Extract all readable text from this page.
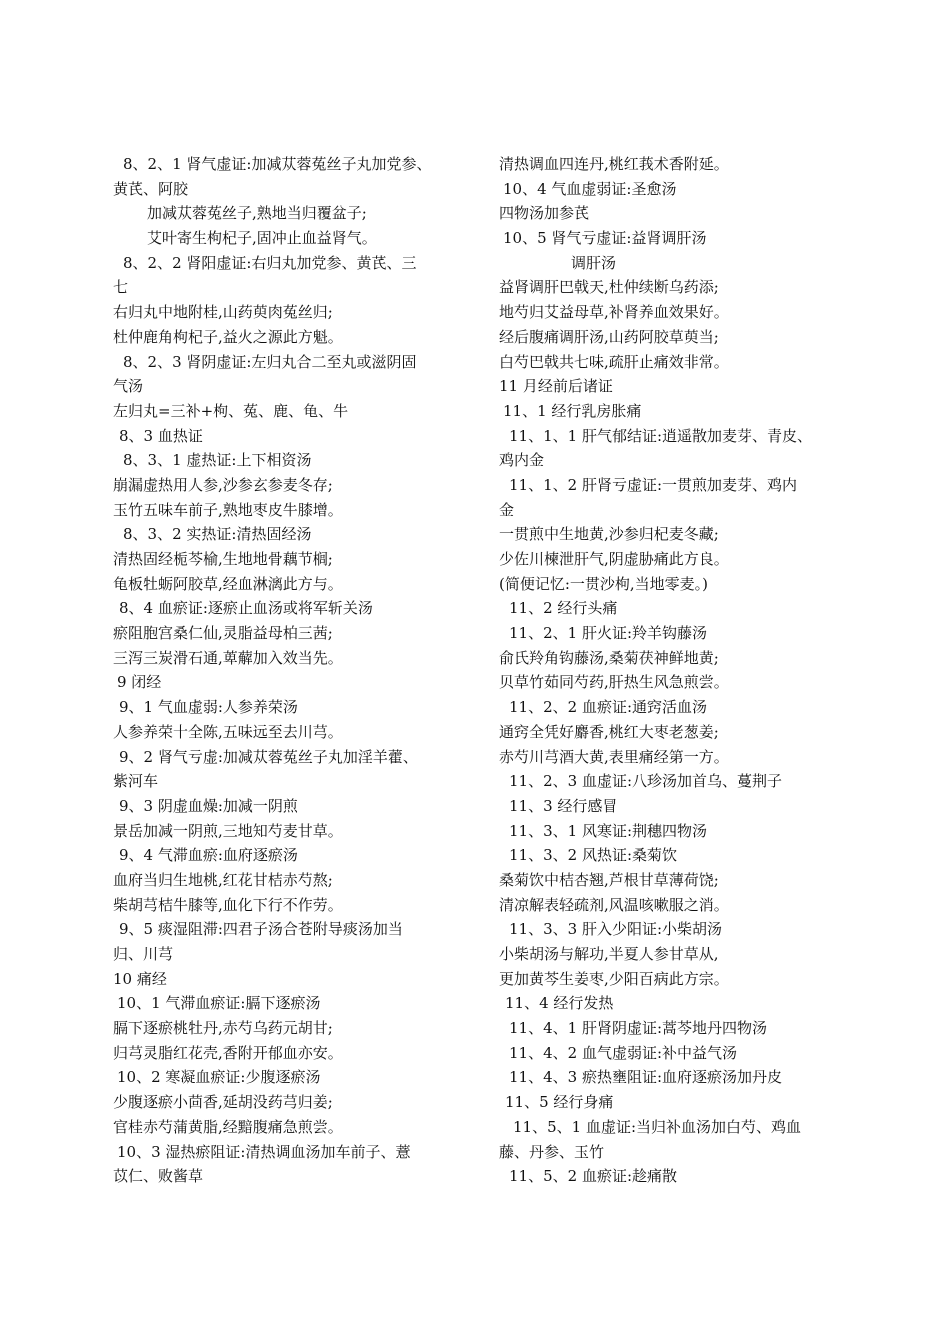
8、2、1 肾气虚证:加减苁蓉菟丝子丸加党参、
黄芪、阿胶
加减苁蓉菟丝子,熟地当归覆盆子;
艾叶寄生枸杞子,固冲止血益肾气。
8、2、2 肾阳虚证:右归丸加党参、黄芪、三
七
右归丸中地附桂,山药萸肉菟丝归;
杜仲鹿角枸杞子,益火之源此方魁。
8、2、3 肾阴虚证:左归丸合二至丸或滋阴固
气汤
左归丸=三补+枸、菟、鹿、龟、牛
8、3 血热证
8、3、1 虚热证:上下相资汤
崩漏虚热用人参,沙参玄参麦冬存;
玉竹五味车前子,熟地枣皮牛膝增。
8、3、2 实热证:清热固经汤
清热固经栀芩榆,生地地骨藕节榈;
龟板牡蛎阿胶草,经血淋漓此方与。
8、4 血瘀证:逐瘀止血汤或将军斩关汤
瘀阻胞宫桑仁仙,灵脂益母柏三茜;
三泻三炭滑石通,萆薢加入效当先。
9 闭经
9、1 气血虚弱:人参养荣汤
人参养荣十全陈,五味远至去川芎。
9、2 肾气亏虚:加减苁蓉菟丝子丸加淫羊藿、
紫河车
9、3 阴虚血燥:加减一阴煎
景岳加减一阴煎,三地知芍麦甘草。
9、4 气滞血瘀:血府逐瘀汤
血府当归生地桃,红花甘桔赤芍熬;
柴胡芎桔牛膝等,血化下行不作劳。
9、5 痰湿阻滞:四君子汤合苍附导痰汤加当
归、川芎
10 痛经
10、1 气滞血瘀证:膈下逐瘀汤
膈下逐瘀桃牡丹,赤芍乌药元胡甘;
归芎灵脂红花壳,香附开郁血亦安。
10、2 寒凝血瘀证:少腹逐瘀汤
少腹逐瘀小茴香,延胡没药芎归姜;
官桂赤芍蒲黄脂,经黯腹痛急煎尝。
10、3 湿热瘀阻证:清热调血汤加车前子、薏
苡仁、败酱草
清热调血四连丹,桃红莪术香附延。
10、4 气血虚弱证:圣愈汤
四物汤加参芪
10、5 肾气亏虚证:益肾调肝汤
调肝汤
益肾调肝巴戟天,杜仲续断乌药添;
地芍归艾益母草,补肾养血效果好。
经后腹痛调肝汤,山药阿胶草萸当;
白芍巴戟共七味,疏肝止痛效非常。
11 月经前后诸证
11、1 经行乳房胀痛
11、1、1 肝气郁结证:逍遥散加麦芽、青皮、
鸡内金
11、1、2 肝肾亏虚证:一贯煎加麦芽、鸡内
金
一贯煎中生地黄,沙参归杞麦冬藏;
少佐川楝泄肝气,阴虚胁痛此方良。
(简便记忆:一贯沙枸,当地零麦。)
11、2 经行头痛
11、2、1 肝火证:羚羊钩藤汤
俞氏羚角钩藤汤,桑菊茯神鲜地黄;
贝草竹茹同芍药,肝热生风急煎尝。
11、2、2 血瘀证:通窍活血汤
通窍全凭好麝香,桃红大枣老葱姜;
赤芍川芎酒大黄,表里痛经第一方。
11、2、3 血虚证:八珍汤加首乌、蔓荆子
11、3 经行感冒
11、3、1 风寒证:荆穗四物汤
11、3、2 风热证:桑菊饮
桑菊饮中桔杏翘,芦根甘草薄荷饶;
清凉解表轻疏剂,风温咳嗽服之消。
11、3、3 肝入少阳证:小柴胡汤
小柴胡汤与解功,半夏人参甘草从,
更加黄芩生姜枣,少阳百病此方宗。
11、4 经行发热
11、4、1 肝肾阴虚证:蒿芩地丹四物汤
11、4、2 血气虚弱证:补中益气汤
11、4、3 瘀热壅阻证:血府逐瘀汤加丹皮
11、5 经行身痛
11、5、1 血虚证:当归补血汤加白芍、鸡血
藤、丹参、玉竹
11、5、2 血瘀证:趁痛散
